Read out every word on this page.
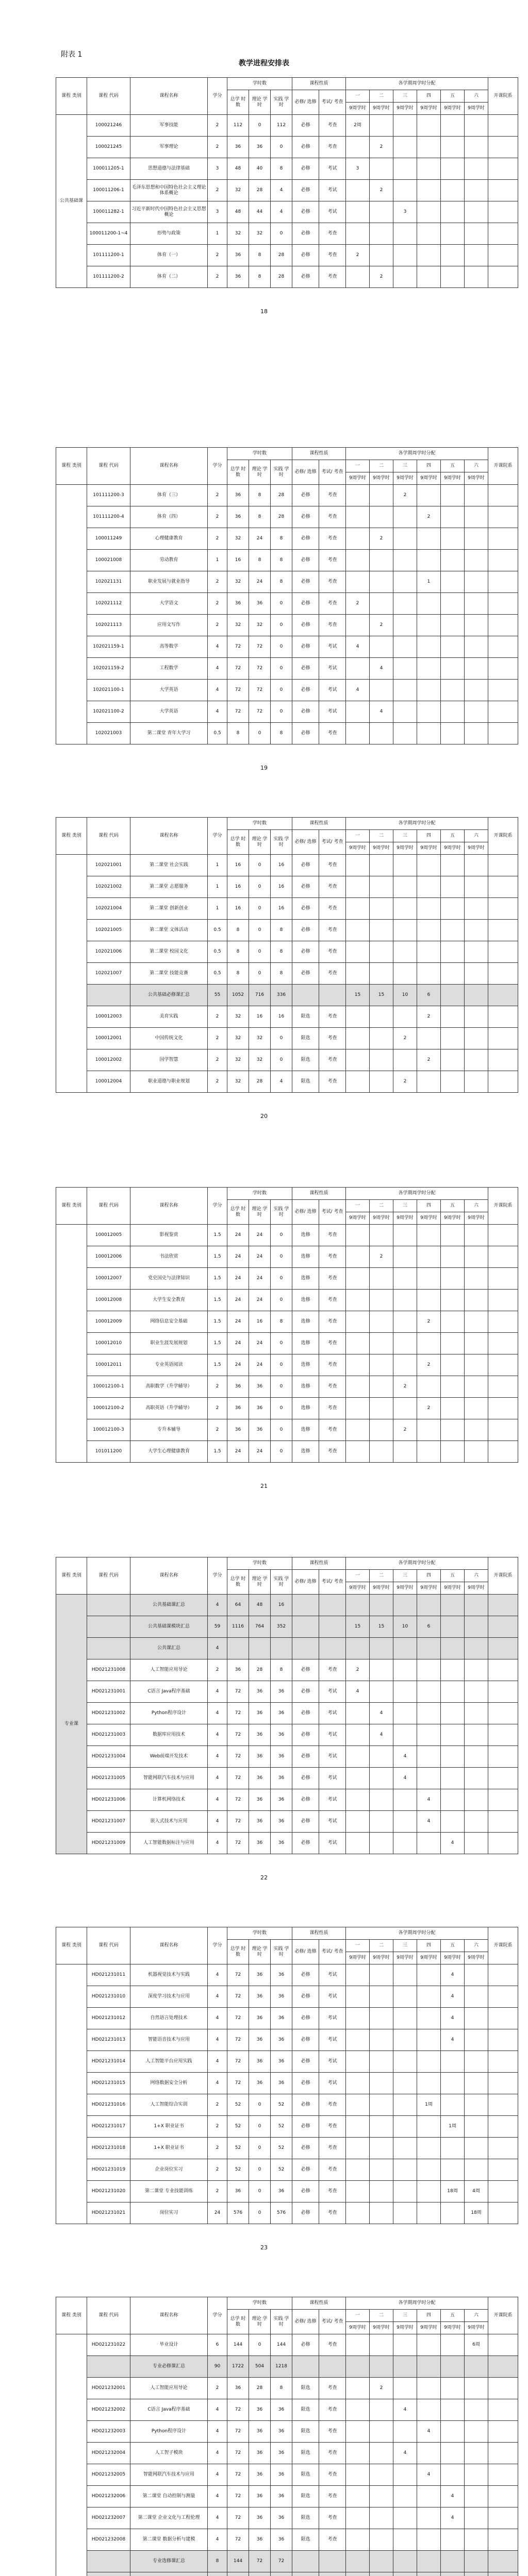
附表 1
教学进程安排表
课程 类别	课程 代码	课程名称	学分	学时数			课程性质		各学期周学时分配						开课院系
				总学 时数	理论 学时	实践 学时	必修/ 选修	考试/ 考查	一	二	三	四	五	六	
									9周学时	9周学时	9周学时	9周学时	9周学时	9周学时	
公共基础课	100021246	军事技能	2	112	0	112	必修	考查	2周						
	100021245	军事理论	2	36	36	0	必修	考查		2					
	100011205-1	思想道德与法律基础	3	48	40	8	必修	考试	3						
	100011206-1	毛泽东思想和中国特色社会主义理论体系概论	2	32	28	4	必修	考试		2					
	100011282-1	习近平新时代中国特色社会主义思想概论	3	48	44	4	必修	考试			3				
	100011200-1~4	形势与政策	1	32	32	0	必修	考查							
	101111200-1	体育（一）	2	36	8	28	必修	考查	2						
	101111200-2	体育（二）	2	36	8	28	必修	考查		2					
18
课程 类别	课程 代码	课程名称	学分	学时数			课程性质		各学期周学时分配						开课院系
				总学 时数	理论 学时	实践 学时	必修/ 选修	考试/ 考查	一	二	三	四	五	六	
									9周学时	9周学时	9周学时	9周学时	9周学时	9周学时	
	101111200-3	体育（三）	2	36	8	28	必修	考查			2				
	101111200-4	体育（四）	2	36	8	28	必修	考查				2			
	100011249	心理健康教育	2	32	24	8	必修	考查		2					
	100021008	劳动教育	1	16	8	8	必修	考查							
	102021131	职业发展与就业指导	2	32	24	8	必修	考查				1			
	102021112	大学语文	2	36	36	0	必修	考查	2						
	102021113	应用文写作	2	32	32	0	必修	考查		2					
	102021159-1	高等数学	4	72	72	0	必修	考试	4						
	102021159-2	工程数学	4	72	72	0	必修	考试		4					
	102021100-1	大学英语	4	72	72	0	必修	考试	4						
	102021100-2	大学英语	4	72	72	0	必修	考试		4					
	102021003	第二课堂 青年大学习	0.5	8	0	8	必修	考查							
19
课程 类别	课程 代码	课程名称	学分	学时数			课程性质		各学期周学时分配						开课院系
				总学 时数	理论 学时	实践 学时	必修/ 选修	考试/ 考查	一	二	三	四	五	六	
									9周学时	9周学时	9周学时	9周学时	9周学时	9周学时	
	102021001	第二课堂 社会实践	1	16	0	16	必修	考查							
	102021002	第二课堂 志愿服务	1	16	0	16	必修	考查							
	102021004	第二课堂 创新创业	1	16	0	16	必修	考查							
	102021005	第二课堂 文体活动	0.5	8	0	8	必修	考查							
	102021006	第二课堂 校园文化	0.5	8	0	8	必修	考查							
	102021007	第二课堂 技能竞赛	0.5	8	0	8	必修	考查							
		公共基础必修课汇总	55	1052	716	336			15	15	10	6			
	100012003	美育实践	2	32	16	16	限选	考查				2			
	100012001	中国传统文化	2	32	32	0	限选	考查			2				
	100012002	国学智慧	2	32	32	0	限选	考查				2			
	100012004	职业道德与职业规划	2	32	28	4	限选	考查			2				
20
课程 类别	课程 代码	课程名称	学分	学时数			课程性质		各学期周学时分配						开课院系
				总学 时数	理论 学时	实践 学时	必修/ 选修	考试/ 考查	一	二	三	四	五	六	
									9周学时	9周学时	9周学时	9周学时	9周学时	9周学时	
	100012005	影视鉴赏	1.5	24	24	0	选修	考查							
	100012006	书法欣赏	1.5	24	24	0	选修	考查		2					
	100012007	党史国史与法律知识	1.5	24	24	0	选修	考查							
	100012008	大学生安全教育	1.5	24	24	0	选修	考查							
	100012009	网络信息安全基础	1.5	24	16	8	选修	考查				2			
	100012010	职业生涯发展规划	1.5	24	24	0	选修	考查							
	100012011	专业英语阅读	1.5	24	24	0	选修	考查				2			
	100012100-1	高职数学（升学辅导）	2	36	36	0	选修	考查			2				
	100012100-2	高职英语（升学辅导）	2	36	36	0	选修	考查				2			
	100012100-3	专升本辅导	2	36	36	0	选修	考查			2				
	101011200	大学生心理健康教育	1.5	24	24	0	选修	考查							
21
课程 类别	课程 代码	课程名称	学分	学时数			课程性质		各学期周学时分配						开课院系
				总学 时数	理论 学时	实践 学时	必修/ 选修	考试/ 考查	一	二	三	四	五	六	
									9周学时	9周学时	9周学时	9周学时	9周学时	9周学时	
专业课		公共基础课汇总	4	64	48	16									
		公共基础课模块汇总	59	1116	764	352			15	15	10	6			
		公共课汇总	4												
	HD021231008	人工智能应用导论	2	36	28	8	必修	考查	2						
	HD021231001	C语言 Java程序基础	4	72	36	36	必修	考试	4						
	HD021231002	Python程序设计	4	72	36	36	必修	考试		4					
	HD021231003	数据库应用技术	4	72	36	36	必修	考试		4					
	HD021231004	Web前端开发技术	4	72	36	36	必修	考试			4				
	HD021231005	智能网联汽车技术与应用	4	72	36	36	必修	考试			4				
	HD021231006	计算机网络技术	4	72	36	36	必修	考试				4			
	HD021231007	嵌入式技术与应用	4	72	36	36	必修	考试				4			
	HD021231009	人工智能数据标注与应用	4	72	36	36	必修	考试					4		
22
课程 类别	课程 代码	课程名称	学分	学时数			课程性质		各学期周学时分配						开课院系
				总学 时数	理论 学时	实践 学时	必修/ 选修	考试/ 考查	一	二	三	四	五	六	
									9周学时	9周学时	9周学时	9周学时	9周学时	9周学时	
	HD021231011	机器视觉技术与实践	4	72	36	36	必修	考试					4		
	HD021231010	深度学习技术与应用	4	72	36	36	必修	考试					4		
	HD021231012	自然语言处理技术	4	72	36	36	必修	考试					4		
	HD021231013	智能语音技术与应用	4	72	36	36	必修	考试					4		
	HD021231014	人工智能平台应用实践	4	72	36	36	必修	考试							
	HD021231015	网络数据安全分析	4	72	36	36	必修	考试							
	HD021231016	人工智能综合实训	2	52	0	52	必修	考查				1周			
	HD021231017	1+X 职业证书	2	52	0	52	必修	考查					1周		
	HD021231018	1+X 职业证书	2	52	0	52	必修	考查							
	HD021231019	企业岗位实习	2	52	0	52	必修	考查							
	HD021231020	第二课堂 专业技能训练	2	36	0	36	必修	考查					18周	4周	
	HD021231021	岗位实习	24	576	0	576	必修	考查						18周	
23
课程 类别	课程 代码	课程名称	学分	学时数			课程性质		各学期周学时分配						开课院系
				总学 时数	理论 学时	实践 学时	必修/ 选修	考试/ 考查	一	二	三	四	五	六	
									9周学时	9周学时	9周学时	9周学时	9周学时	9周学时	
	HD021231022	毕业设计	6	144	0	144	必修	考查						6周	
		专业必修课汇总	90	1722	504	1218									
	HD021232001	人工智能应用导论	2	36	28	8	限选	考查		2					
	HD021232002	C语言 Java程序基础	4	72	36	36	限选	考查			4				
	HD021232003	Python程序设计	4	72	36	36	限选	考查				4			
	HD021232004	人工智子模块	4	72	36	36	限选	考查			4				
	HD021232005	智能网联汽车技术与应用	4	72	36	36	限选	考查				4			
	HD021232006	第二课堂 自动控制与测量	4	72	36	36	限选	考查					4		
	HD021232007	第二课堂 企业文化与工程伦理	4	72	36	36	限选	考查					4		
	HD021232008	第二课堂 数据分析与建模	4	72	36	36	限选	考查							
		专业选修课汇总	8	144	72	72									
